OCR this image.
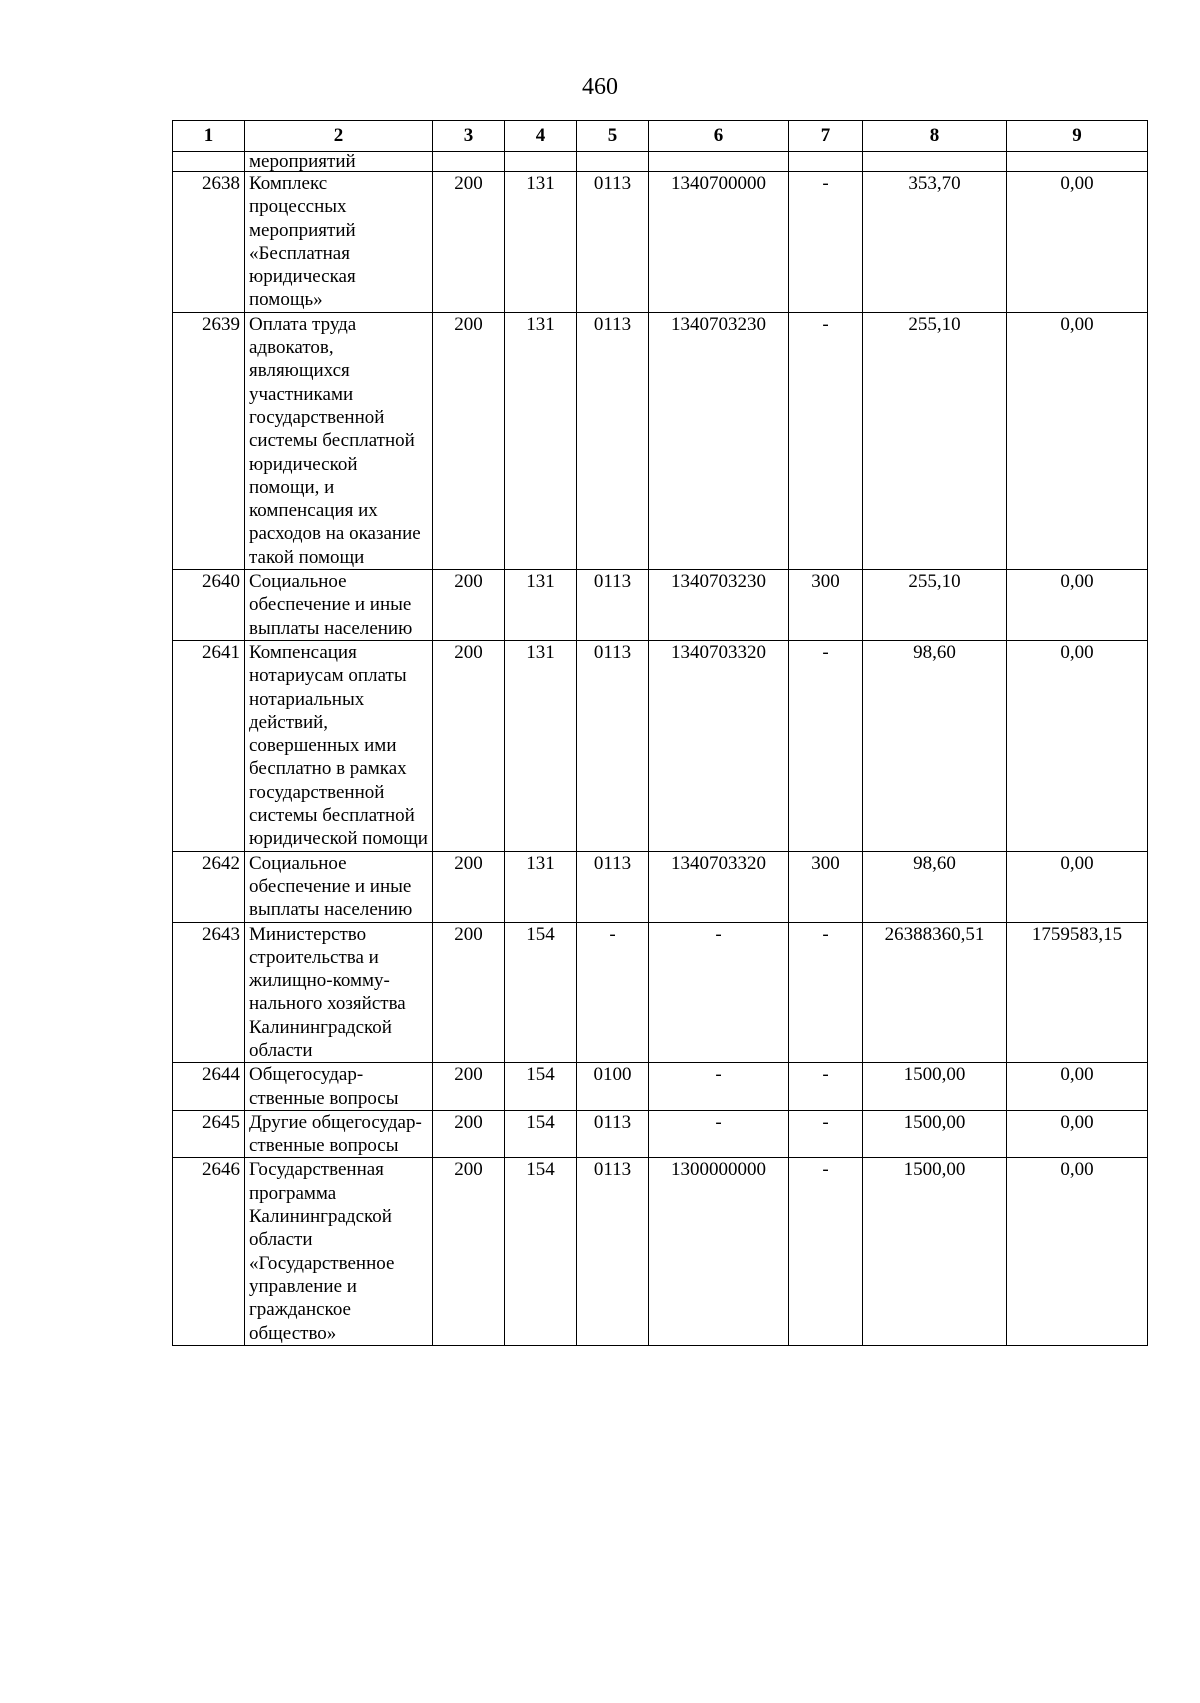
460
1	2	3	4	5	6	7	8	9
	мероприятий							
2638	Комплекс процессных мероприятий «Бесплатная юридическая помощь»	200	131	0113	1340700000	-	353,70	0,00
2639	Оплата труда адвокатов, являющихся участниками государственной системы бесплатной юридической помощи, и компенсация их расходов на оказание такой помощи	200	131	0113	1340703230	-	255,10	0,00
2640	Социальное обеспечение и иные выплаты населению	200	131	0113	1340703230	300	255,10	0,00
2641	Компенсация нотариусам оплаты нотариальных действий, совершенных ими бесплатно в рамках государственной системы бесплатной юридической помощи	200	131	0113	1340703320	-	98,60	0,00
2642	Социальное обеспечение и иные выплаты населению	200	131	0113	1340703320	300	98,60	0,00
2643	Министерство строительства и жилищно-комму-нального хозяйства Калининградской области	200	154	-	-	-	26388360,51	1759583,15
2644	Общегосудар-ственные вопросы	200	154	0100	-	-	1500,00	0,00
2645	Другие общегосудар-ственные вопросы	200	154	0113	-	-	1500,00	0,00
2646	Государственная программа Калининградской области «Государственное управление и гражданское общество»	200	154	0113	1300000000	-	1500,00	0,00
